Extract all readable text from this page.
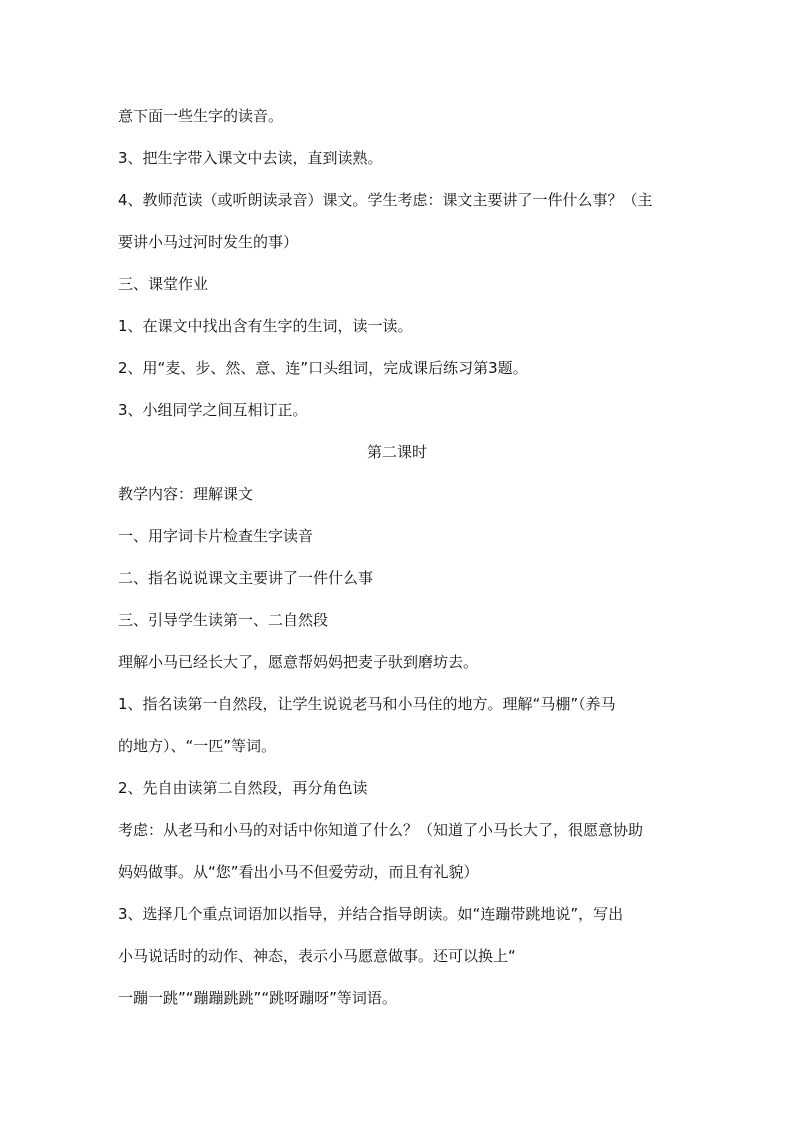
意下面一些生字的读音。
3、把生字带入课文中去读，直到读熟。
4、教师范读（或听朗读录音）课文。学生考虑：课文主要讲了一件什么事？（主
要讲小马过河时发生的事）
三、课堂作业
1、在课文中找出含有生字的生词，读一读。
2、用“麦、步、然、意、连”口头组词，完成课后练习第3题。
3、小组同学之间互相订正。
第二课时
教学内容：理解课文
一、用字词卡片检查生字读音
二、指名说说课文主要讲了一件什么事
三、引导学生读第一、二自然段
理解小马已经长大了，愿意帮妈妈把麦子驮到磨坊去。
1、指名读第一自然段，让学生说说老马和小马住的地方。理解“马棚”（养马
的地方）、“一匹”等词。
2、先自由读第二自然段，再分角色读
考虑：从老马和小马的对话中你知道了什么？（知道了小马长大了，很愿意协助
妈妈做事。从“您”看出小马不但爱劳动，而且有礼貌）
3、选择几个重点词语加以指导，并结合指导朗读。如“连蹦带跳地说”，写出
小马说话时的动作、神态，表示小马愿意做事。还可以换上“
一蹦一跳”“蹦蹦跳跳”“跳呀蹦呀”等词语。
